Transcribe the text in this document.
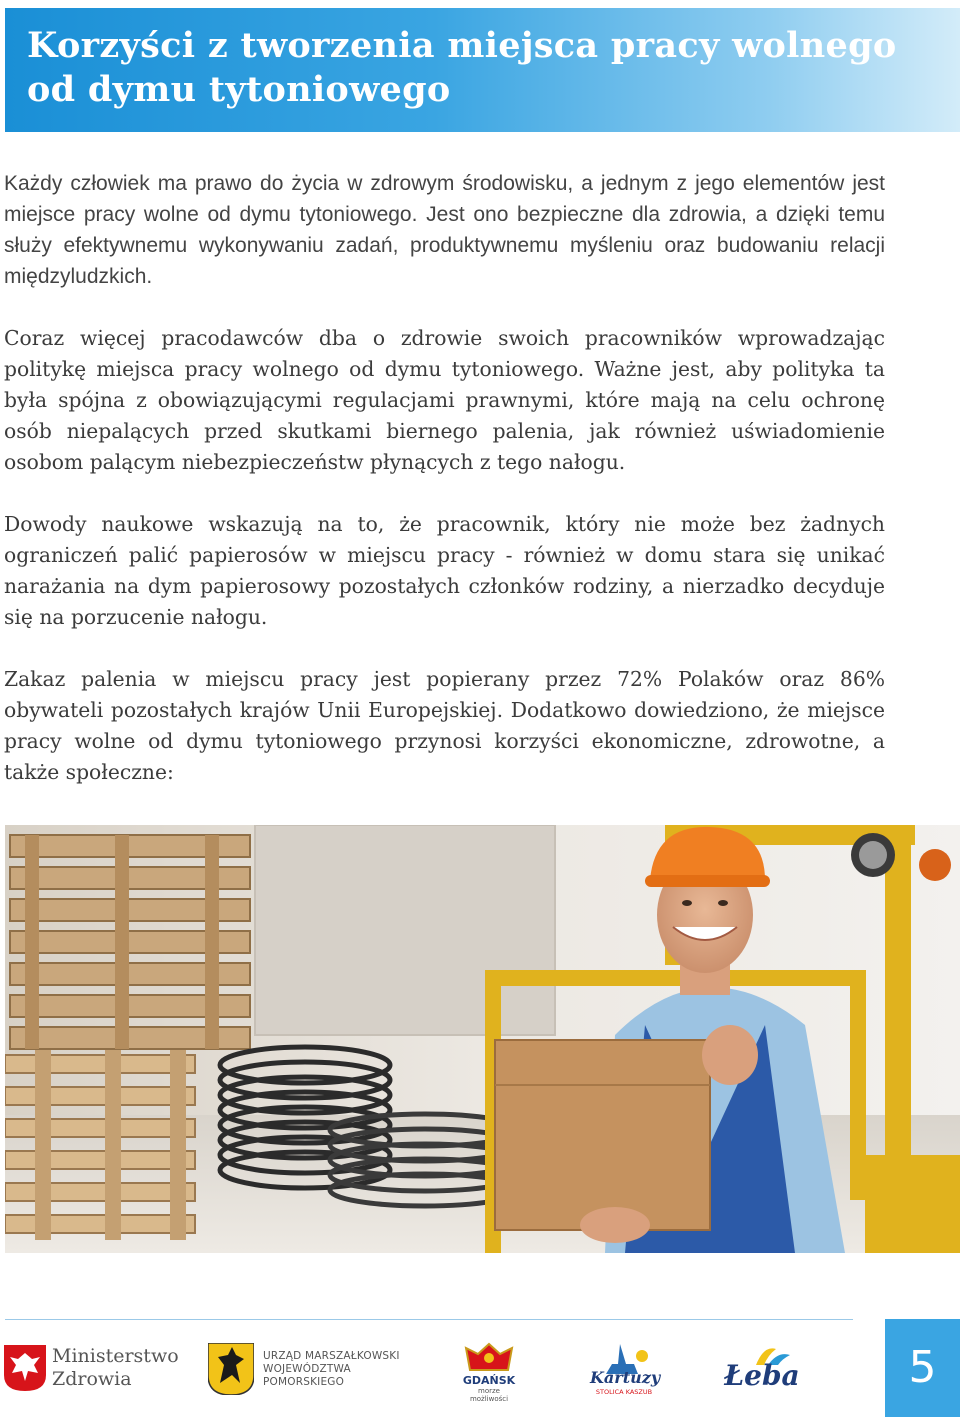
Korzyści z tworzenia miejsca pracy wolnego od dymu tytoniowego

Każdy człowiek ma prawo do życia w zdrowym środowisku, a jednym z jego elementów jest miejsce pracy wolne od dymu tytoniowego. Jest ono bezpieczne dla zdrowia, a dzięki temu służy efektywnemu wykonywaniu zadań, produktywnemu myśleniu oraz budowaniu relacji międzyludzkich.

Coraz więcej pracodawców dba o zdrowie swoich pracowników wprowadzając politykę miejsca pracy wolnego od dymu tytoniowego. Ważne jest, aby polityka ta była spójna z obowiązującymi regulacjami prawnymi, które mają na celu ochronę osób niepalących przed skutkami biernego palenia, jak również uświadomienie osobom palącym niebezpieczeństw płynących z tego nałogu.

Dowody naukowe wskazują na to, że pracownik, który nie może bez żadnych ograniczeń palić papierosów w miejscu pracy - również w domu stara się unikać narażania na dym papierosowy pozostałych członków rodziny, a nierzadko decyduje się na porzucenie nałogu.

Zakaz palenia w miejscu pracy jest popierany przez 72% Polaków oraz 86% obywateli pozostałych krajów Unii Europejskiej. Dodatkowo dowiedziono, że miejsce pracy wolne od dymu tytoniowego przynosi korzyści ekonomiczne, zdrowotne, a także społeczne:

Ministerstwo
Zdrowia
URZĄD MARSZAŁKOWSKI
WOJEWÓDZTWA POMORSKIEGO	GDAŃSK
morze możliwości
Kartuzy
STOLICA KASZUB	Łeba	5
